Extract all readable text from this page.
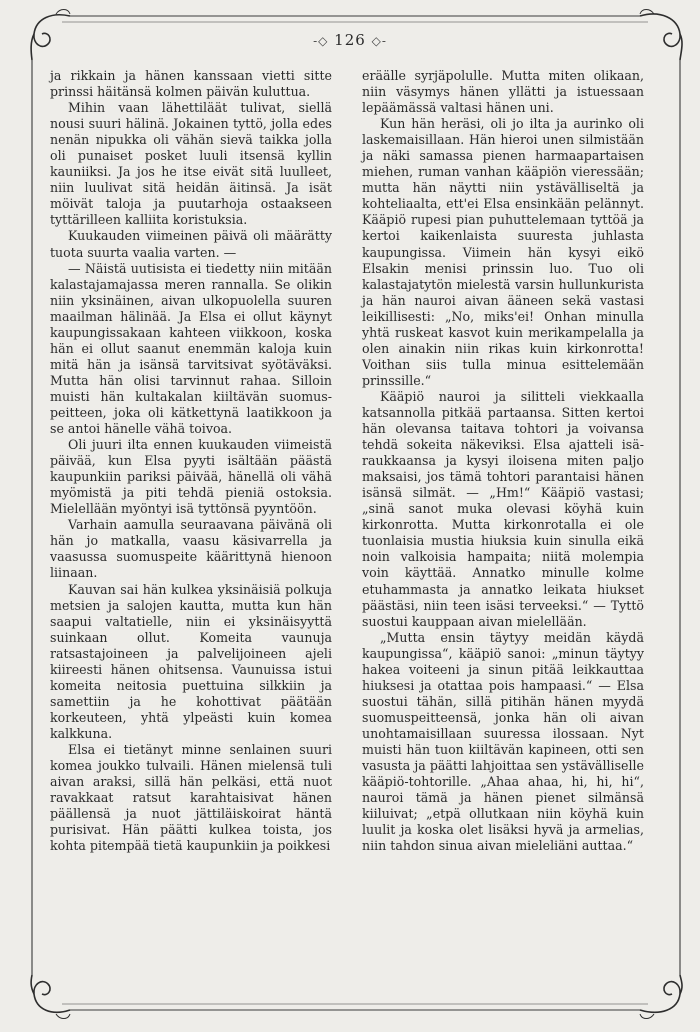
-◇ 126 ◇-

ja rikkain ja hänen kanssaan vietti sitte prinssi häitänsä kolmen päivän kuluttua.

Mihin vaan lähettiläät tulivat, siellä nousi suuri hälinä. Jokainen tyttö, jolla edes nenän nipukka oli vähän sievä taikka jolla oli punaiset posket luuli itsensä kyllin kauniiksi. Ja jos he itse eivät sitä luulleet, niin luulivat sitä heidän äitinsä. Ja isät möivät taloja ja puutarhoja ostaakseen tyttärilleen kalliita koristuksia.

Kuukauden viimeinen päivä oli määrätty tuota suurta vaalia varten. —

— Näistä uutisista ei tiedetty niin mitään kalastajamajassa meren rannalla. Se olikin niin yksinäinen, aivan ulkopuolella suuren maailman hälinää. Ja Elsa ei ollut käynyt kaupungissakaan kahteen viikkoon, koska hän ei ollut saanut enemmän kaloja kuin mitä hän ja isänsä tarvitsivat syötäväksi. Mutta hän olisi tarvinnut rahaa. Silloin muisti hän kultakalan kiiltävän suomus-peitteen, joka oli kätkettynä laatikkoon ja se antoi hänelle vähä toivoa.

Oli juuri ilta ennen kuukauden viimeistä päivää, kun Elsa pyyti isältään päästä kaupunkiin pariksi päivää, hänellä oli vähä myömistä ja piti tehdä pieniä ostoksia. Mielellään myöntyi isä tyttönsä pyyntöön.

Varhain aamulla seuraavana päivänä oli hän jo matkalla, vaasu käsivarrella ja vaasussa suomuspeite käärittynä hienoon liinaan.

Kauvan sai hän kulkea yksinäisiä polkuja metsien ja salojen kautta, mutta kun hän saapui valtatielle, niin ei yksinäisyyttä suinkaan ollut. Komeita vaunuja ratsastajoineen ja palvelijoineen ajeli kiireesti hänen ohitsensa. Vaunuissa istui komeita neitosia puettuina silkkiin ja samettiin ja he kohottivat päätään korkeuteen, yhtä ylpeästi kuin komea kalkkuna.

Elsa ei tietänyt minne senlainen suuri komea joukko tulvaili. Hänen mielensä tuli aivan araksi, sillä hän pelkäsi, että nuot ravakkaat ratsut karahtaisivat hänen päällensä ja nuot jättiläiskoirat häntä purisivat. Hän päätti kulkea toista, jos kohta pitempää tietä kaupunkiin ja poikkesi

eräälle syrjäpolulle. Mutta miten olikaan, niin väsymys hänen yllätti ja istuessaan lepäämässä valtasi hänen uni.

Kun hän heräsi, oli jo ilta ja aurinko oli laskemaisillaan. Hän hieroi unen silmistään ja näki samassa pienen harmaapartaisen miehen, ruman vanhan kääpiön vieressään; mutta hän näytti niin ystävälliseltä ja kohteliaalta, ett'ei Elsa ensinkään pelännyt. Kääpiö rupesi pian puhuttelemaan tyttöä ja kertoi kaikenlaista suuresta juhlasta kaupungissa. Viimein hän kysyi eikö Elsakin menisi prinssin luo. Tuo oli kalastajatytön mielestä varsin hullunkurista ja hän nauroi aivan ääneen sekä vastasi leikillisesti: „No, miks'ei! Onhan minulla yhtä ruskeat kasvot kuin merikampelalla ja olen ainakin niin rikas kuin kirkonrotta! Voithan siis tulla minua esittelemään prinssille.“

Kääpiö nauroi ja silitteli viekkaalla katsannolla pitkää partaansa. Sitten kertoi hän olevansa taitava tohtori ja voivansa tehdä sokeita näkeviksi. Elsa ajatteli isä-raukkaansa ja kysyi iloisena miten paljo maksaisi, jos tämä tohtori parantaisi hänen isänsä silmät. — „Hm!“ Kääpiö vastasi; „sinä sanot muka olevasi köyhä kuin kirkonrotta. Mutta kirkonrotalla ei ole tuonlaisia mustia hiuksia kuin sinulla eikä noin valkoisia hampaita; niitä molempia voin käyttää. Annatko minulle kolme etuhammasta ja annatko leikata hiukset päästäsi, niin teen isäsi terveeksi.“ — Tyttö suostui kauppaan aivan mielellään.

„Mutta ensin täytyy meidän käydä kaupungissa“, kääpiö sanoi: „minun täytyy hakea voiteeni ja sinun pitää leikkauttaa hiuksesi ja otattaa pois hampaasi.“ — Elsa suostui tähän, sillä pitihän hänen myydä suomuspeitteensä, jonka hän oli aivan unohtamaisillaan suuressa ilossaan. Nyt muisti hän tuon kiiltävän kapineen, otti sen vasusta ja päätti lahjoittaa sen ystävälliselle kääpiö-tohtorille. „Ahaa ahaa, hi, hi, hi“, nauroi tämä ja hänen pienet silmänsä kiiluivat; „etpä ollutkaan niin köyhä kuin luulit ja koska olet lisäksi hyvä ja armelias, niin tahdon sinua aivan mieleliäni auttaa.“
